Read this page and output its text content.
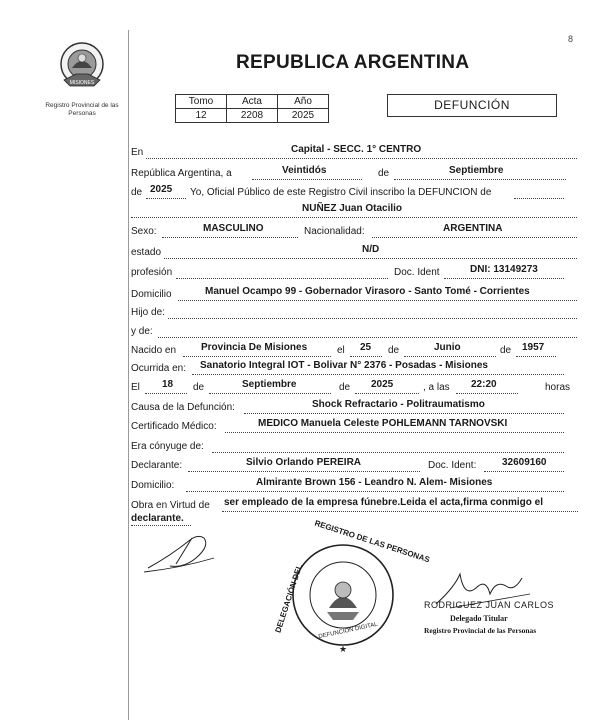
8
MISIONES
Registro Provincial de las Personas
REPUBLICA ARGENTINA
Tomo	Acta	Año
12	2208	2025
DEFUNCIÓN
En	Capital - SECC. 1° CENTRO
República Argentina, a	Veintidós	de	Septiembre
de 2025 Yo, Oficial Público de este Registro Civil inscribo la DEFUNCION de
NUÑEZ Juan Otacilio
Sexo:	MASCULINO	Nacionalidad:	ARGENTINA
estado	N/D
profesión	Doc. Ident	DNI: 13149273
Domicilio	Manuel Ocampo 99 - Gobernador Virasoro - Santo Tomé - Corrientes
Hijo de:
y de:
Nacido en Provincia De Misiones	el 25 de	Junio	de 1957
Ocurrida en: Sanatorio Integral IOT - Bolivar N° 2376 - Posadas - Misiones
El 18 de	Septiembre	de 2025	, a las 22:20	horas
Causa de la Defunción:	Shock Refractario - Politraumatismo
Certificado Médico:	MEDICO Manuela Celeste POHLEMANN TARNOVSKI
Era cónyuge de:
Declarante:	Silvio Orlando PEREIRA	Doc. Ident:	32609160
Domicilio:	Almirante Brown 156 - Leandro N. Alem- Misiones
Obra en Virtud de ser empleado de la empresa fúnebre.Leida el acta,firma conmigo el
declarante.
★
REGISTRO DE LAS PERSONAS
DELEGACIÓN DEL DEFUNCION DIGITAL
RODRIGUEZ JUAN CARLOS
Delegado Titular
Registro Provincial de las Personas
